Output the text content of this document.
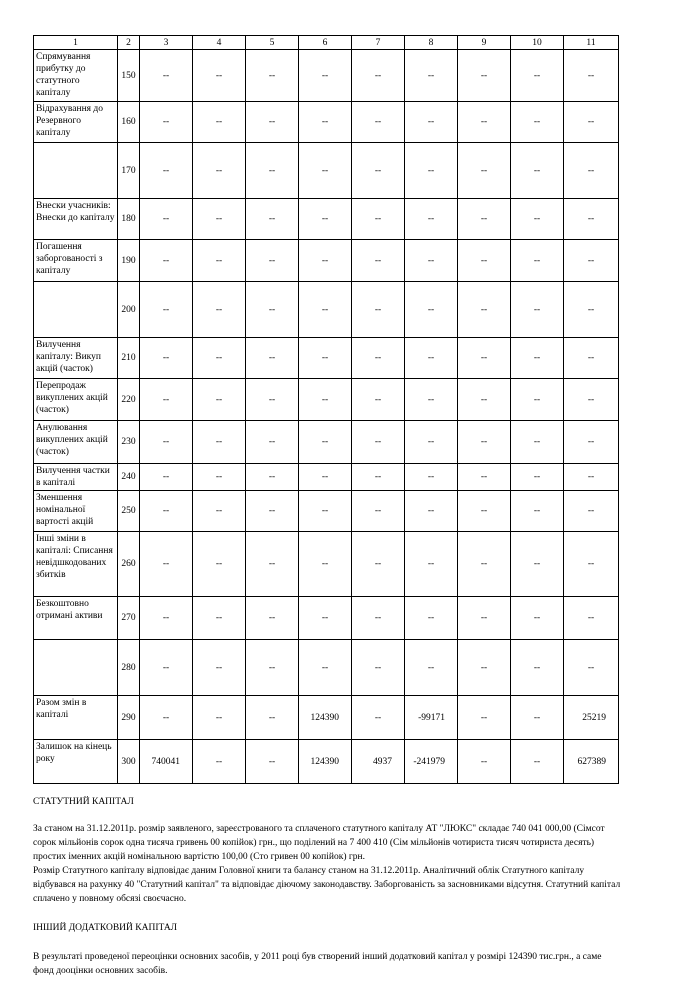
1	2	3	4	5	6	7	8	9	10	11
Спрямування прибутку до статутного капіталу	150	--	--	--	--	--	--	--	--	--
Відрахування до Резервного капіталу	160	--	--	--	--	--	--	--	--	--
	170	--	--	--	--	--	--	--	--	--
Внески учасників: Внески до капіталу	180	--	--	--	--	--	--	--	--	--
Погашення заборгованості з капіталу	190	--	--	--	--	--	--	--	--	--
	200	--	--	--	--	--	--	--	--	--
Вилучення капіталу: Викуп акцій (часток)	210	--	--	--	--	--	--	--	--	--
Перепродаж викуплених акцій (часток)	220	--	--	--	--	--	--	--	--	--
Анулювання викуплених акцій (часток)	230	--	--	--	--	--	--	--	--	--
Вилучення частки в капіталі	240	--	--	--	--	--	--	--	--	--
Зменшення номінальної вартості акцій	250	--	--	--	--	--	--	--	--	--
Інші зміни в капіталі: Списання невідшкодованих збитків	260	--	--	--	--	--	--	--	--	--
Безкоштовно отримані активи	270	--	--	--	--	--	--	--	--	--
	280	--	--	--	--	--	--	--	--	--
Разом змін в капіталі	290	--	--	--	124390	--	-99171	--	--	25219
Залишок на кінець року	300	740041	--	--	124390	4937	-241979	--	--	627389
СТАТУТНИЙ КАПІТАЛ
За станом на 31.12.2011р. розмір заявленого, зареєстрованого та сплаченого статутного капіталу АТ "ЛЮКС" складає 740 041 000,00 (Сімсот сорок мільйонів сорок одна тисяча гривень 00 копійок) грн., що поділений на 7 400 410 (Сім мільйонів чотириста тисяч чотириста десять) простих іменних акцій номінальною вартістю 100,00 (Сто гривен 00 копійок) грн.
Розмір Статутного капіталу відповідає даним Головної книги та балансу станом на 31.12.2011р. Аналітичний облік Статутного капіталу відбувався на рахунку 40 "Статутний капітал" та відповідає діючому законодавству. Заборгованість за засновниками відсутня. Статутний капітал сплачено у повному обсязі своєчасно.
ІНШИЙ ДОДАТКОВИЙ КАПІТАЛ
В результаті проведеної переоцінки основних засобів, у 2011 році був створений інший додатковий капітал у розмірі 124390 тис.грн., а саме фонд дооцінки основних засобів.
